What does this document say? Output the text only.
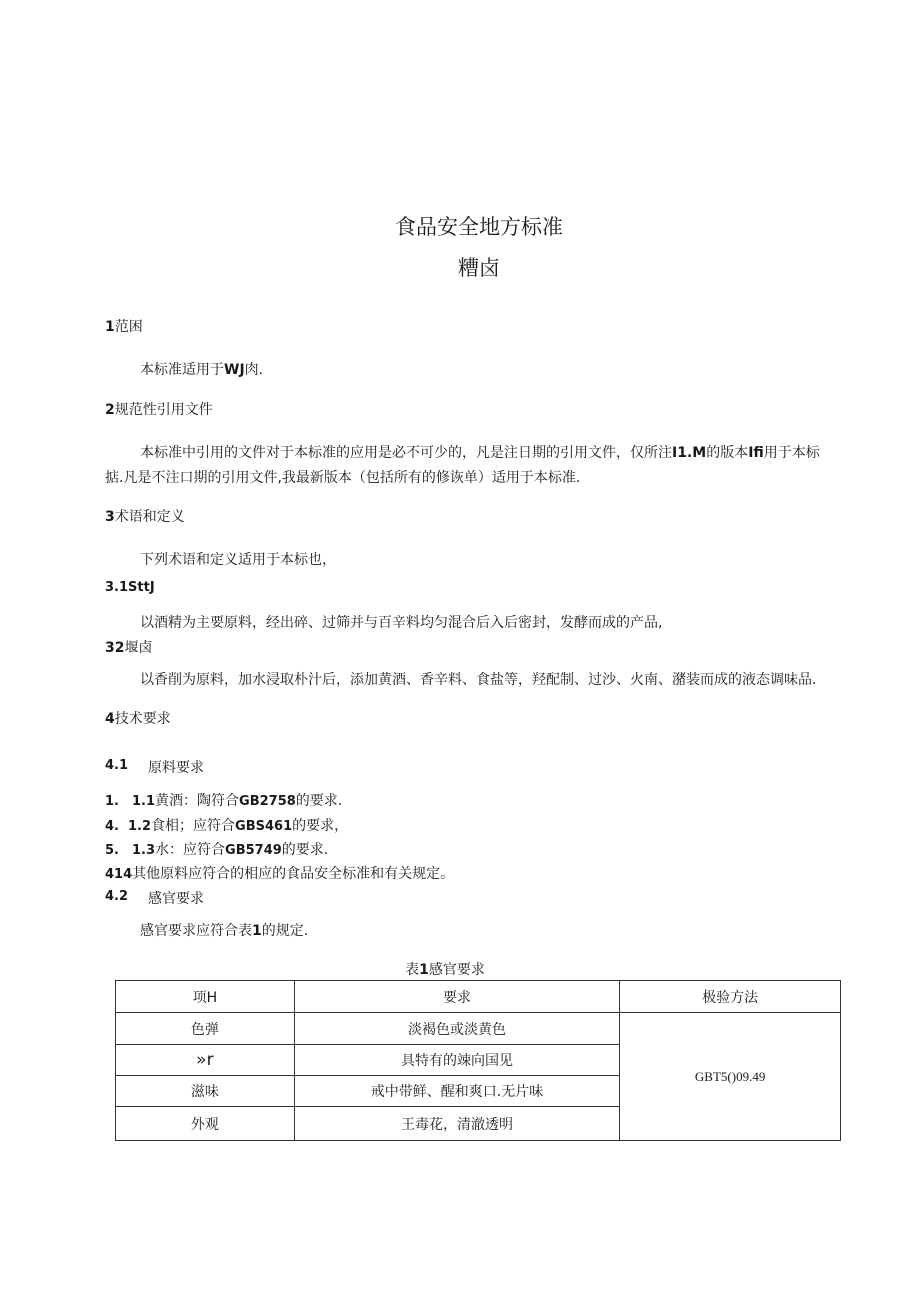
食品安全地方标准
糟卤
1范困
本标准适用于WJ肉.
2规范性引用文件
本标准中引用的文件对于本标准的应用是必不可少的，凡是注日期的引用文件，仅所注I1.M的版本Ifi用于本标
掂.凡是不注口期的引用文件,我最新版本（包括所有的修诙单）适用于本标准.
3术语和定义
下列术语和定义适用于本标也，
3.1SttJ
以酒精为主要原料，经出碎、过筛并与百辛料均匀混合后入后密封，发酵而成的产品,
32堰卤
以香削为原料，加水浸取朴汁后，添加黄酒、香辛料、食盐等，羟配制、过沙、火南、潴装而成的液态调味品.
4技术要求
4.1 原料要求
1. 1.1黄酒：陶符合GB2758的要求.
4. 1.2食相；应符合GBS461的要求，
5. 1.3水：应符合GB5749的要求.
414其他原料应符合的相应的食品安全标准和有关规定。
4.2 感官要求
感官要求应符合表1的规定.
表1感官要求
项H	要求	极验方法
色弹	淡褐色或淡黄色	GBT5()09.49
»r	具特有的竦向国见	
滋味	戒中带鲜、醒和爽口.无片味	
外观	王毒花，清澈透明	
